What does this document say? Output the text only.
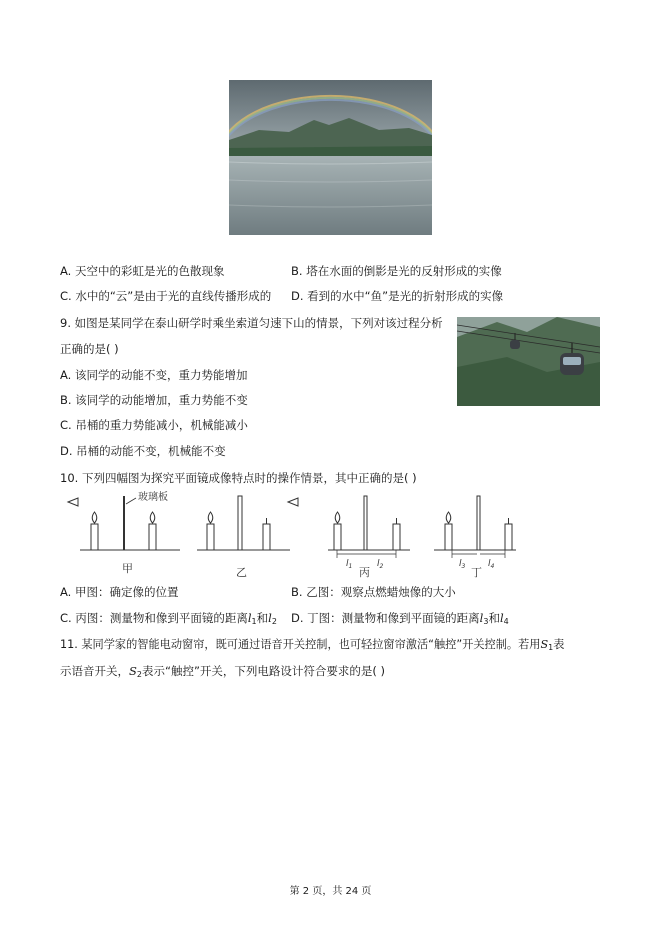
A. 天空中的彩虹是光的色散现象	B. 塔在水面的倒影是光的反射形成的实像
C. 水中的“云”是由于光的直线传播形成的 D. 看到的水中“鱼”是光的折射形成的实像
9. 如图是某同学在泰山研学时乘坐索道匀速下山的情景，下列对该过程分析
正确的是( )
A. 该同学的动能不变，重力势能增加
B. 该同学的动能增加，重力势能不变
C. 吊桶的重力势能减小，机械能减小
D. 吊桶的动能不变，机械能不变
10. 下列四幅图为探究平面镜成像特点时的操作情景，其中正确的是( )
玻璃板
甲	乙
$l_1$	$l_2$
丙
$l_3$	$l_4$
丁
A. 甲图：确定像的位置	B. 乙图：观察点燃蜡烛像的大小
C. 丙图：测量物和像到平面镜的距离$l_1$和$l_2$ D. 丁图：测量物和像到平面镜的距离$l_3$和$l_4$
11. 某同学家的智能电动窗帘，既可通过语音开关控制，也可轻拉窗帘激活“触控”开关控制。若用$S_1$表
示语音开关，$S_2$表示“触控”开关，下列电路设计符合要求的是( )
第 2 页，共 24 页
